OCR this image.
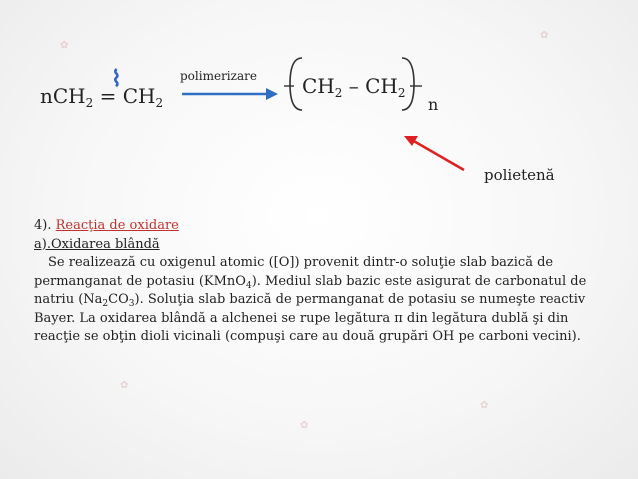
✿
✿
✿
✿
✿
$nCH_2 = CH_2$
⌇	polimerizare $CH_2 - CH_2$
n
polietenă
4). Reacţia de oxidare
a).Oxidarea blândă
Se realizează cu oxigenul atomic ([O]) provenit dintr-o soluţie slab bazică de
permanganat de potasiu (KMnO$_4$). Mediul slab bazic este asigurat de carbonatul de
natriu $(Na_2CO_3)$. Soluţia slab bazică de permanganat de potasiu se numeşte reactiv
Bayer. La oxidarea blândă a alchenei se rupe legătura π din legătura dublă şi din
reacţie se obţin dioli vicinali (compuşi care au două grupări OH pe carboni vecini).
